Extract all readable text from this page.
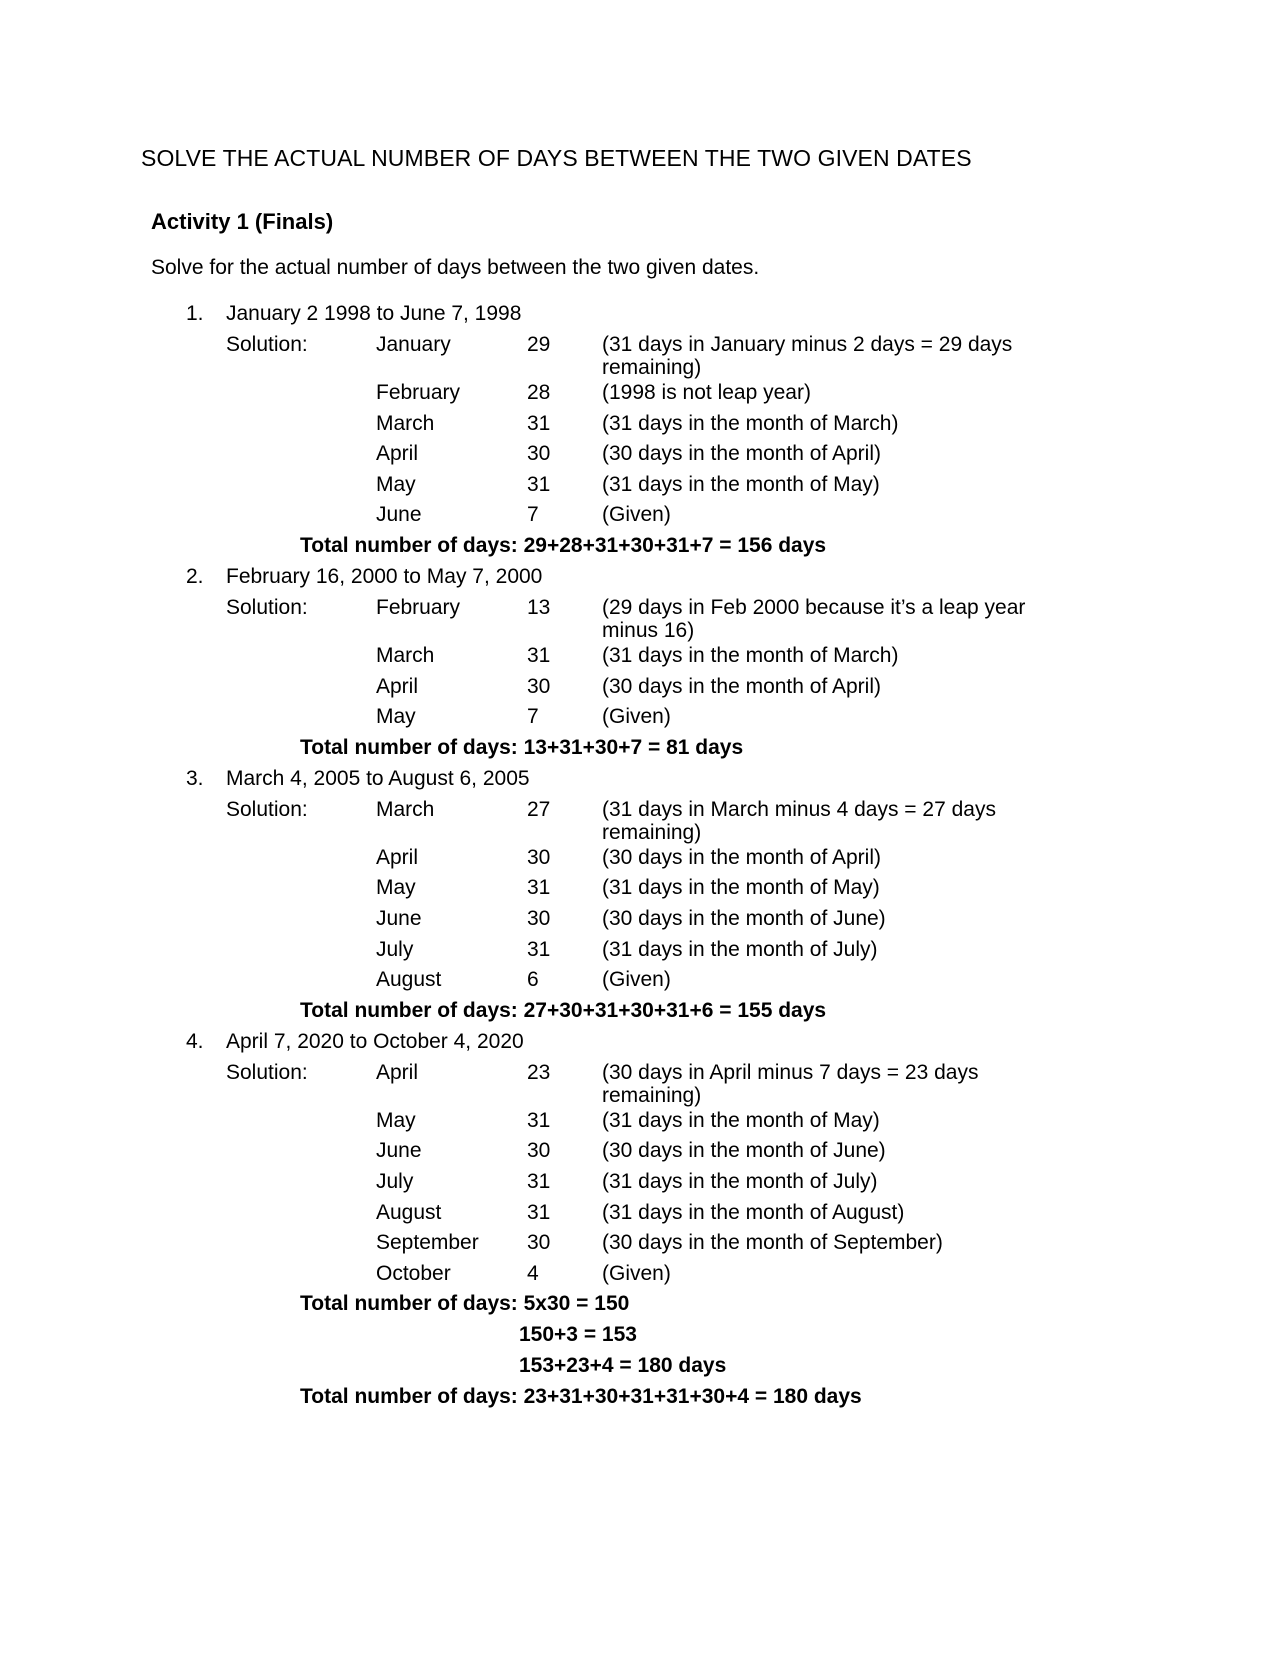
SOLVE THE ACTUAL NUMBER OF DAYS BETWEEN THE TWO GIVEN DATES
Activity 1 (Finals)
Solve for the actual number of days between the two given dates.
1. January 2 1998 to June 7, 1998
Solution:	January	29 (31 days in January minus 2 days = 29 days remaining)
February	28 (1998 is not leap year)
March	31 (31 days in the month of March)
April	30 (30 days in the month of April)
May	31 (31 days in the month of May)
June	7	(Given)
Total number of days: 29+28+31+30+31+7 = 156 days
2. February 16, 2000 to May 7, 2000
Solution:	February	13 (29 days in Feb 2000 because it’s a leap year minus 16)
March	31 (31 days in the month of March)
April	30 (30 days in the month of April)
May	7	(Given)
Total number of days: 13+31+30+7 = 81 days
3. March 4, 2005 to August 6, 2005
Solution:	March	27 (31 days in March minus 4 days = 27 days remaining)
April	30 (30 days in the month of April)
May	31 (31 days in the month of May)
June	30 (30 days in the month of June)
July	31 (31 days in the month of July)
August	6	(Given)
Total number of days: 27+30+31+30+31+6 = 155 days
4. April 7, 2020 to October 4, 2020
Solution:	April	23 (30 days in April minus 7 days = 23 days remaining)
May	31 (31 days in the month of May)
June	30 (30 days in the month of June)
July	31 (31 days in the month of July)
August	31 (31 days in the month of August)
September 30 (30 days in the month of September)
October	4	(Given)
Total number of days: 5x30 = 150
150+3 = 153
153+23+4 = 180 days
Total number of days: 23+31+30+31+31+30+4 = 180 days
